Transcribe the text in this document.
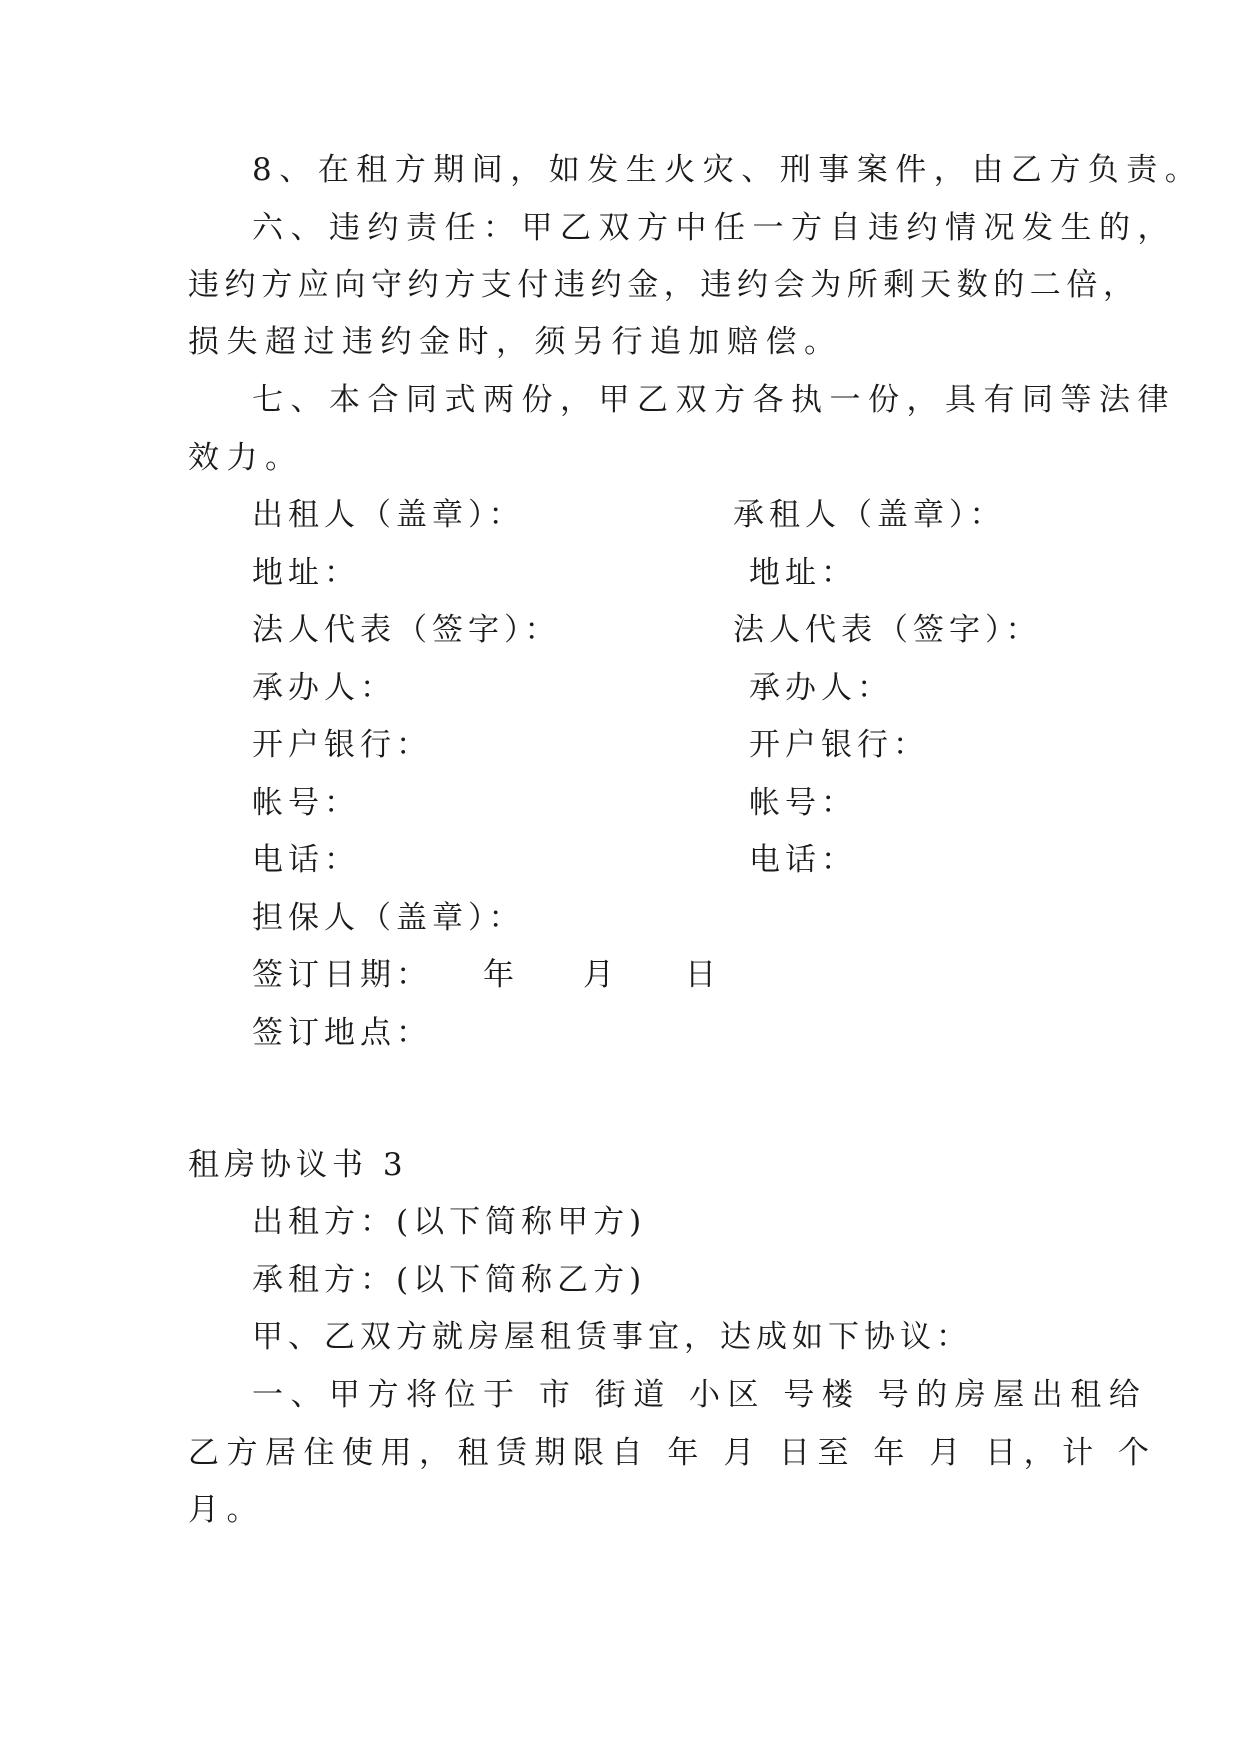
8、在租方期间，如发生火灾、刑事案件，由乙方负责。
六、违约责任：甲乙双方中任一方自违约情况发生的，
违约方应向守约方支付违约金，违约会为所剩天数的二倍，
损失超过违约金时，须另行追加赔偿。
七、本合同式两份，甲乙双方各执一份，具有同等法律
效力。
出租人（盖章）：
地址：
法人代表（签字）：
承办人：
开户银行：
帐号：
电话：
承租人（盖章）：
地址：
法人代表（签字）：
承办人：
开户银行：
帐号：
电话：
担保人（盖章）：
签订日期： 年 月 日
签订地点：
租房协议书 3
出租方：(以下简称甲方)
承租方：(以下简称乙方)
甲、乙双方就房屋租赁事宜，达成如下协议：
一、甲方将位于 市 街道 小区 号楼 号的房屋出租给
乙方居住使用，租赁期限自 年 月 日至 年 月 日，计 个
月。
